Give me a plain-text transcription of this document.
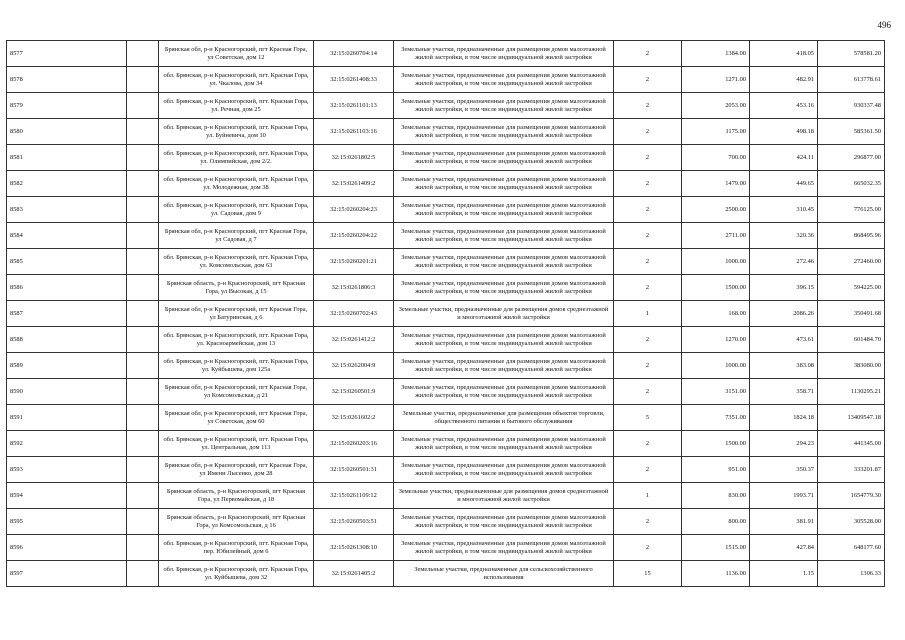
496
8577		Брянская обл, р-н Красногорский, пгт Красная Гора, ул Советская, дом 12	32:15:0260704:14	Земельные участки, предназначенные для размещения домов малоэтажной жилой застройки, в том числе индивидуальной жилой застройки	2	1384.00	418.05	578581.20
8578		обл. Брянская, р-н Красногорский, пгт. Красная Гора, ул. Чкалова, дом 34	32:15:0261408:33	Земельные участки, предназначенные для размещения домов малоэтажной жилой застройки, в том числе индивидуальной жилой застройки	2	1271.00	482.91	613778.61
8579		обл. Брянская, р-н Красногорский, пгт. Красная Гора, ул. Речная, дом 25	32:15:0261101:13	Земельные участки, предназначенные для размещения домов малоэтажной жилой застройки, в том числе индивидуальной жилой застройки	2	2053.00	453.16	930337.48
8580		обл. Брянская, р-н Красногорский, пгт. Красная Гора, ул. Буйневича, дом 10	32:15:0261103:16	Земельные участки, предназначенные для размещения домов малоэтажной жилой застройки, в том числе индивидуальной жилой застройки	2	1175.00	498.18	585361.50
8581		обл. Брянская, р-н Красногорский, пгт. Красная Гора, ул. Олимпийская, дом 2/2.	32:15:0261802:5	Земельные участки, предназначенные для размещения домов малоэтажной жилой застройки, в том числе индивидуальной жилой застройки	2	700.00	424.11	296877.00
8582		обл. Брянская, р-н Красногорский, пгт. Красная Гора, ул. Молодежная, дом 38	32:15:0261409:2	Земельные участки, предназначенные для размещения домов малоэтажной жилой застройки, в том числе индивидуальной жилой застройки	2	1479.00	449.65	665032.35
8583		обл. Брянская, р-н Красногорский, пгт. Красная Гора, ул. Садовая, дом 9	32:15:0260204:23	Земельные участки, предназначенные для размещения домов малоэтажной жилой застройки, в том числе индивидуальной жилой застройки	2	2500.00	310.45	776125.00
8584		Брянская обл, р-н Красногорский, пгт Красная Гора, ул Садовая, д 7	32:15:0260204:22	Земельные участки, предназначенные для размещения домов малоэтажной жилой застройки, в том числе индивидуальной жилой застройки	2	2711.00	320.36	868495.96
8585		обл. Брянская, р-н Красногорский, пгт. Красная Гора, ул. Комсомольская, дом 63	32:15:0260201:21	Земельные участки, предназначенные для размещения домов малоэтажной жилой застройки, в том числе индивидуальной жилой застройки	2	1000.00	272.46	272460.00
8586		Брянская область, р-н Красногорский, пгт Красная Гора, ул Высокая, д 15	32:15:0261806:3	Земельные участки, предназначенные для размещения домов малоэтажной жилой застройки, в том числе индивидуальной жилой застройки	2	1500.00	396.15	594225.00
8587		Брянская обл, р-н Красногорский, пгт Красная Гора, ул Батуринская, д 6	32:15:0260702:43	Земельные участки, предназначенные для размещения домов среднеэтажной и многоэтажной жилой застройки	1	168.00	2086.26	350491.68
8588		обл. Брянская, р-н Красногорский, пгт. Красная Гора, ул. Красноармейская, дом 13	32:15:0261412:2	Земельные участки, предназначенные для размещения домов малоэтажной жилой застройки, в том числе индивидуальной жилой застройки	2	1270.00	473.61	601484.70
8589		обл. Брянская, р-н Красногорский, пгт. Красная Гора, ул. Куйбышева, дом 125а	32:15:0262004:9	Земельные участки, предназначенные для размещения домов малоэтажной жилой застройки, в том числе индивидуальной жилой застройки	2	1000.00	383.08	383080.00
8590		Брянская обл, р-н Красногорский, пгт Красная Гора, ул Комсомольская, д 21	32:15:0260501:9	Земельные участки, предназначенные для размещения домов малоэтажной жилой застройки, в том числе индивидуальной жилой застройки	2	3151.00	358.71	1130295.21
8591		Брянская обл, р-н Красногорский, пгт Красная Гора, ул Советская, дом 60	32:15:0261602:2	Земельные участки, предназначенные для размещения объектов торговли, общественного питания и бытового обслуживания	5	7351.00	1824.18	13409547.18
8592		обл. Брянская, р-н Красногорский, пгт. Красная Гора, ул. Центральная, дом 113	32:15:0260203:16	Земельные участки, предназначенные для размещения домов малоэтажной жилой застройки, в том числе индивидуальной жилой застройки	2	1500.00	294.23	441345.00
8593		Брянская обл, р-н Красногорский, пгт Красная Гора, ул Имени Лысенко, дом 28	32:15:0260501:31	Земельные участки, предназначенные для размещения домов малоэтажной жилой застройки, в том числе индивидуальной жилой застройки	2	951.00	350.37	333201.87
8594		Брянская область, р-н Красногорский, пгт Красная Гора, ул Первомайская, д 18	32:15:0261109:12	Земельные участки, предназначенные для размещения домов среднеэтажной и многоэтажной жилой застройки	1	830.00	1993.71	1654779.30
8595		Брянская область, р-н Красногорский, пгт Красная Гора, ул Комсомольская, д 16	32:15:0260503:51	Земельные участки, предназначенные для размещения домов малоэтажной жилой застройки, в том числе индивидуальной жилой застройки	2	800.00	381.91	305528.00
8596		обл. Брянская, р-н Красногорский, пгт. Красная Гора, пер. Юбилейный, дом 6	32:15:0261308:10	Земельные участки, предназначенные для размещения домов малоэтажной жилой застройки, в том числе индивидуальной жилой застройки	2	1515.00	427.84	648177.60
8597		обл. Брянская, р-н Красногорский, пгт. Красная Гора, ул. Куйбышева, дом 32	32:15:0261405:2	Земельные участки, предназначенные для сельскохозяйственного использования	15	1136.00	1.15	1306.33
